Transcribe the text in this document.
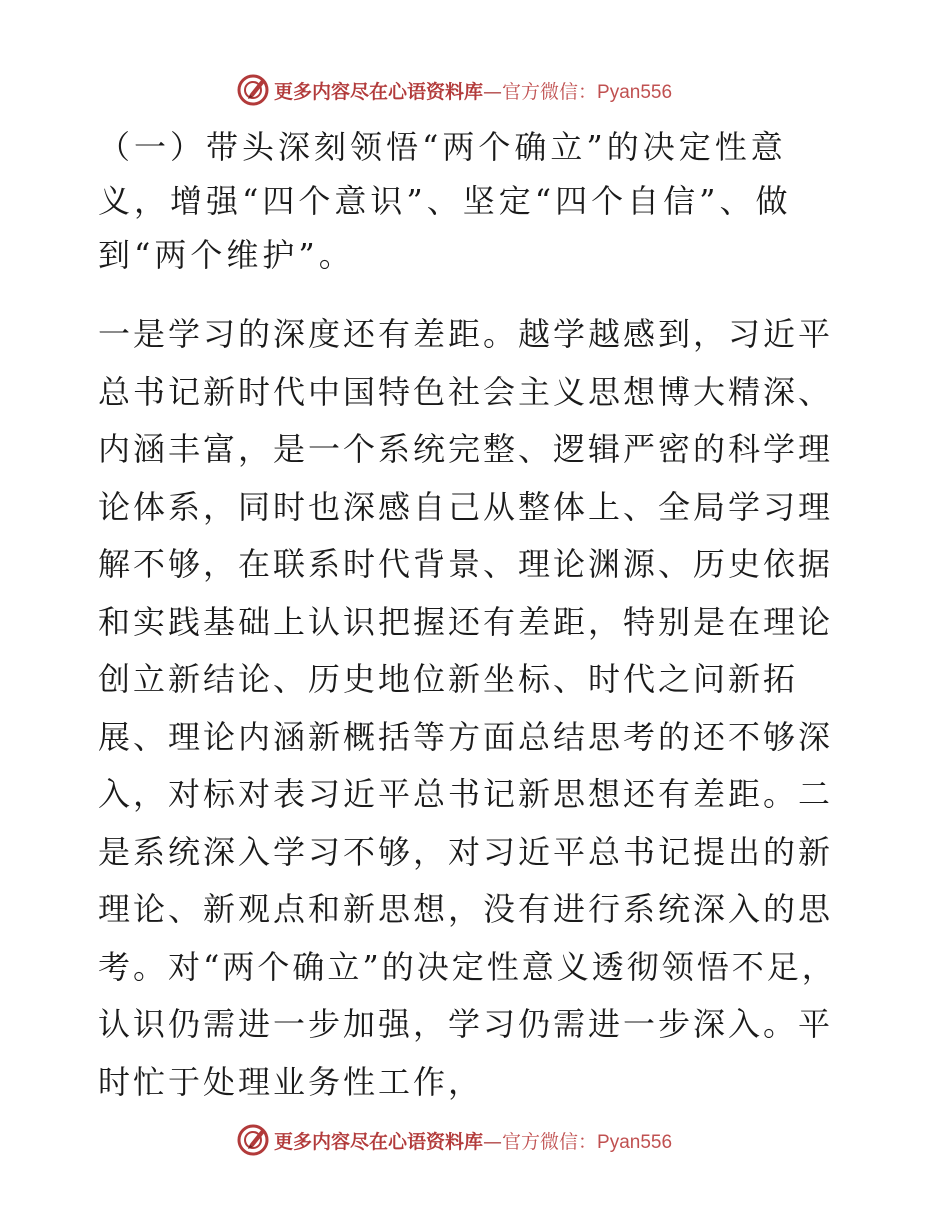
更多内容尽在心语资料库—官方微信：Pyan556
（一）带头深刻领悟“两个确立”的决定性意义，增强“四个意识”、坚定“四个自信”、做到“两个维护”。

一是学习的深度还有差距。越学越感到，习近平总书记新时代中国特色社会主义思想博大精深、内涵丰富，是一个系统完整、逻辑严密的科学理论体系，同时也深感自己从整体上、全局学习理解不够，在联系时代背景、理论渊源、历史依据和实践基础上认识把握还有差距，特别是在理论创立新结论、历史地位新坐标、时代之问新拓展、理论内涵新概括等方面总结思考的还不够深入，对标对表习近平总书记新思想还有差距。二是系统深入学习不够，对习近平总书记提出的新理论、新观点和新思想，没有进行系统深入的思考。对“两个确立”的决定性意义透彻领悟不足，认识仍需进一步加强，学习仍需进一步深入。平时忙于处理业务性工作，

更多内容尽在心语资料库—官方微信：Pyan556
